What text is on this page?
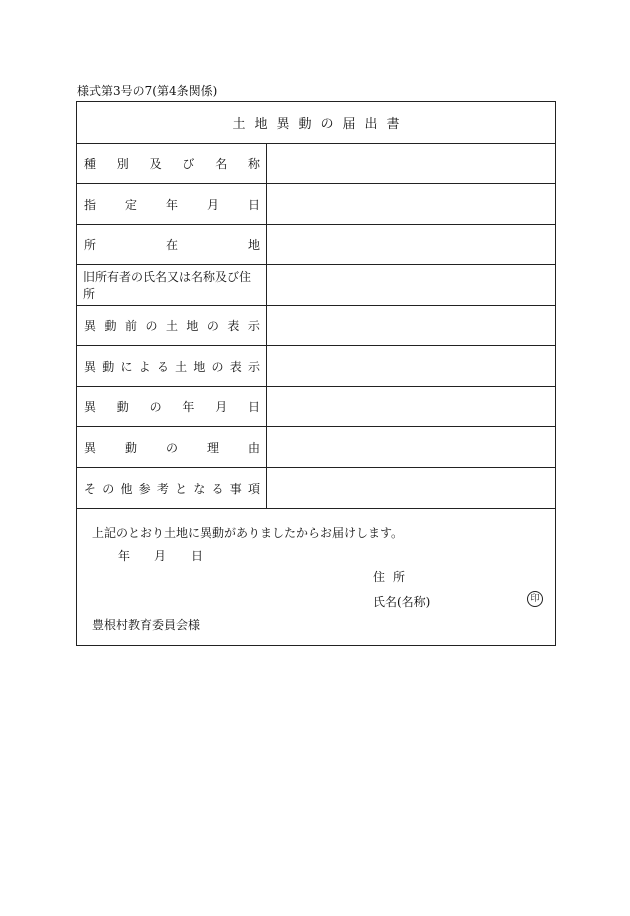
様式第3号の7(第4条関係)
土地異動の届出書
種 別 及 び 名 称
指 定 年 月 日
所	在	地
旧所有者の氏名又は名称及び住所
異 動 前 の 土 地 の 表 示
異 動 に よ る 土 地 の 表 示
異 動 の 年 月 日
異 動 の 理 由
そ の 他 参 考 と な る 事 項
上記のとおり土地に異動がありましたからお届けします。
年	月	日
住所
氏名(名称)	印
豊根村教育委員会様
